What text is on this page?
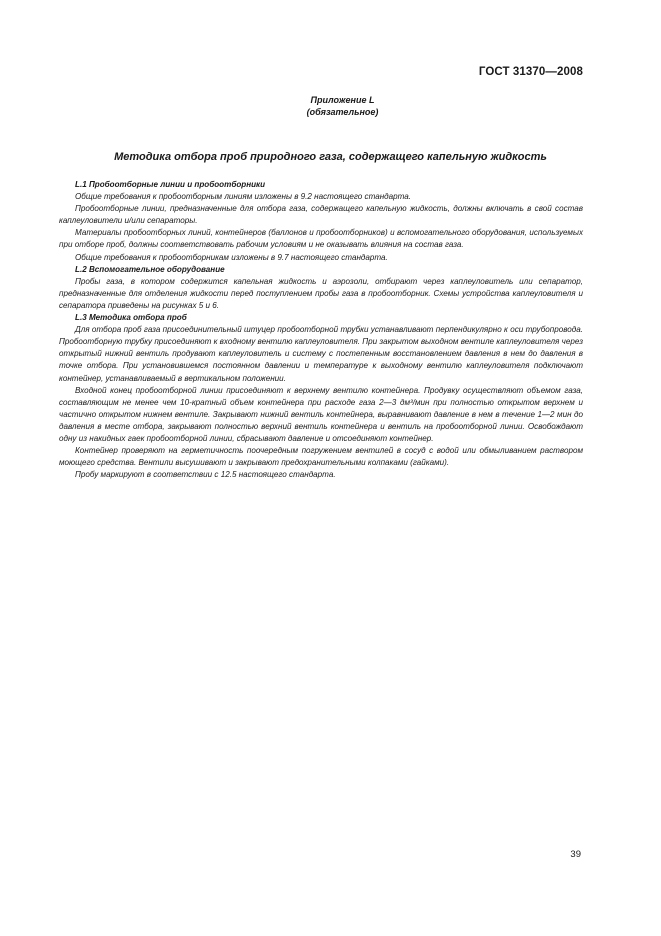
ГОСТ 31370—2008
Приложение L
(обязательное)
Методика отбора проб природного газа, содержащего капельную жидкость
L.1 Пробоотборные линии и пробоотборники

Общие требования к пробоотборным линиям изложены в 9.2 настоящего стандарта.

Пробоотборные линии, предназначенные для отбора газа, содержащего капельную жидкость, должны включать в свой состав каплеуловители и/или сепараторы.

Материалы пробоотборных линий, контейнеров (баллонов и пробоотборников) и вспомогательного оборудования, используемых при отборе проб, должны соответствовать рабочим условиям и не оказывать влияния на состав газа.

Общие требования к пробоотборникам изложены в 9.7 настоящего стандарта.

L.2 Вспомогательное оборудование

Пробы газа, в котором содержится капельная жидкость и аэрозоли, отбирают через каплеуловитель или сепаратор, предназначенные для отделения жидкости перед поступлением пробы газа в пробоотборник. Схемы устройства каплеуловителя и сепаратора приведены на рисунках 5 и 6.

L.3 Методика отбора проб

Для отбора проб газа присоединительный штуцер пробоотборной трубки устанавливают перпендикулярно к оси трубопровода. Пробоотборную трубку присоединяют к входному вентилю каплеуловителя. При закрытом выходном вентиле каплеуловителя через открытый нижний вентиль продувают каплеуловитель и систему с постепенным восстановлением давления в нем до давления в точке отбора. При установившемся постоянном давлении и температуре к выходному вентилю каплеуловителя подключают контейнер, устанавливаемый в вертикальном положении.

Входной конец пробоотборной линии присоединяют к верхнему вентилю контейнера. Продувку осуществляют объемом газа, составляющим не менее чем 10-кратный объем контейнера при расходе газа 2—3 дм³/мин при полностью открытом верхнем и частично открытом нижнем вентиле. Закрывают нижний вентиль контейнера, выравнивают давление в нем в течение 1—2 мин до давления в месте отбора, закрывают полностью верхний вентиль контейнера и вентиль на пробоотборной линии. Освобождают одну из накидных гаек пробоотборной линии, сбрасывают давление и отсоединяют контейнер.

Контейнер проверяют на герметичность поочередным погружением вентилей в сосуд с водой или обмыливанием раствором моющего средства. Вентили высушивают и закрывают предохранительными колпаками (гайками).

Пробу маркируют в соответствии с 12.5 настоящего стандарта.

39
